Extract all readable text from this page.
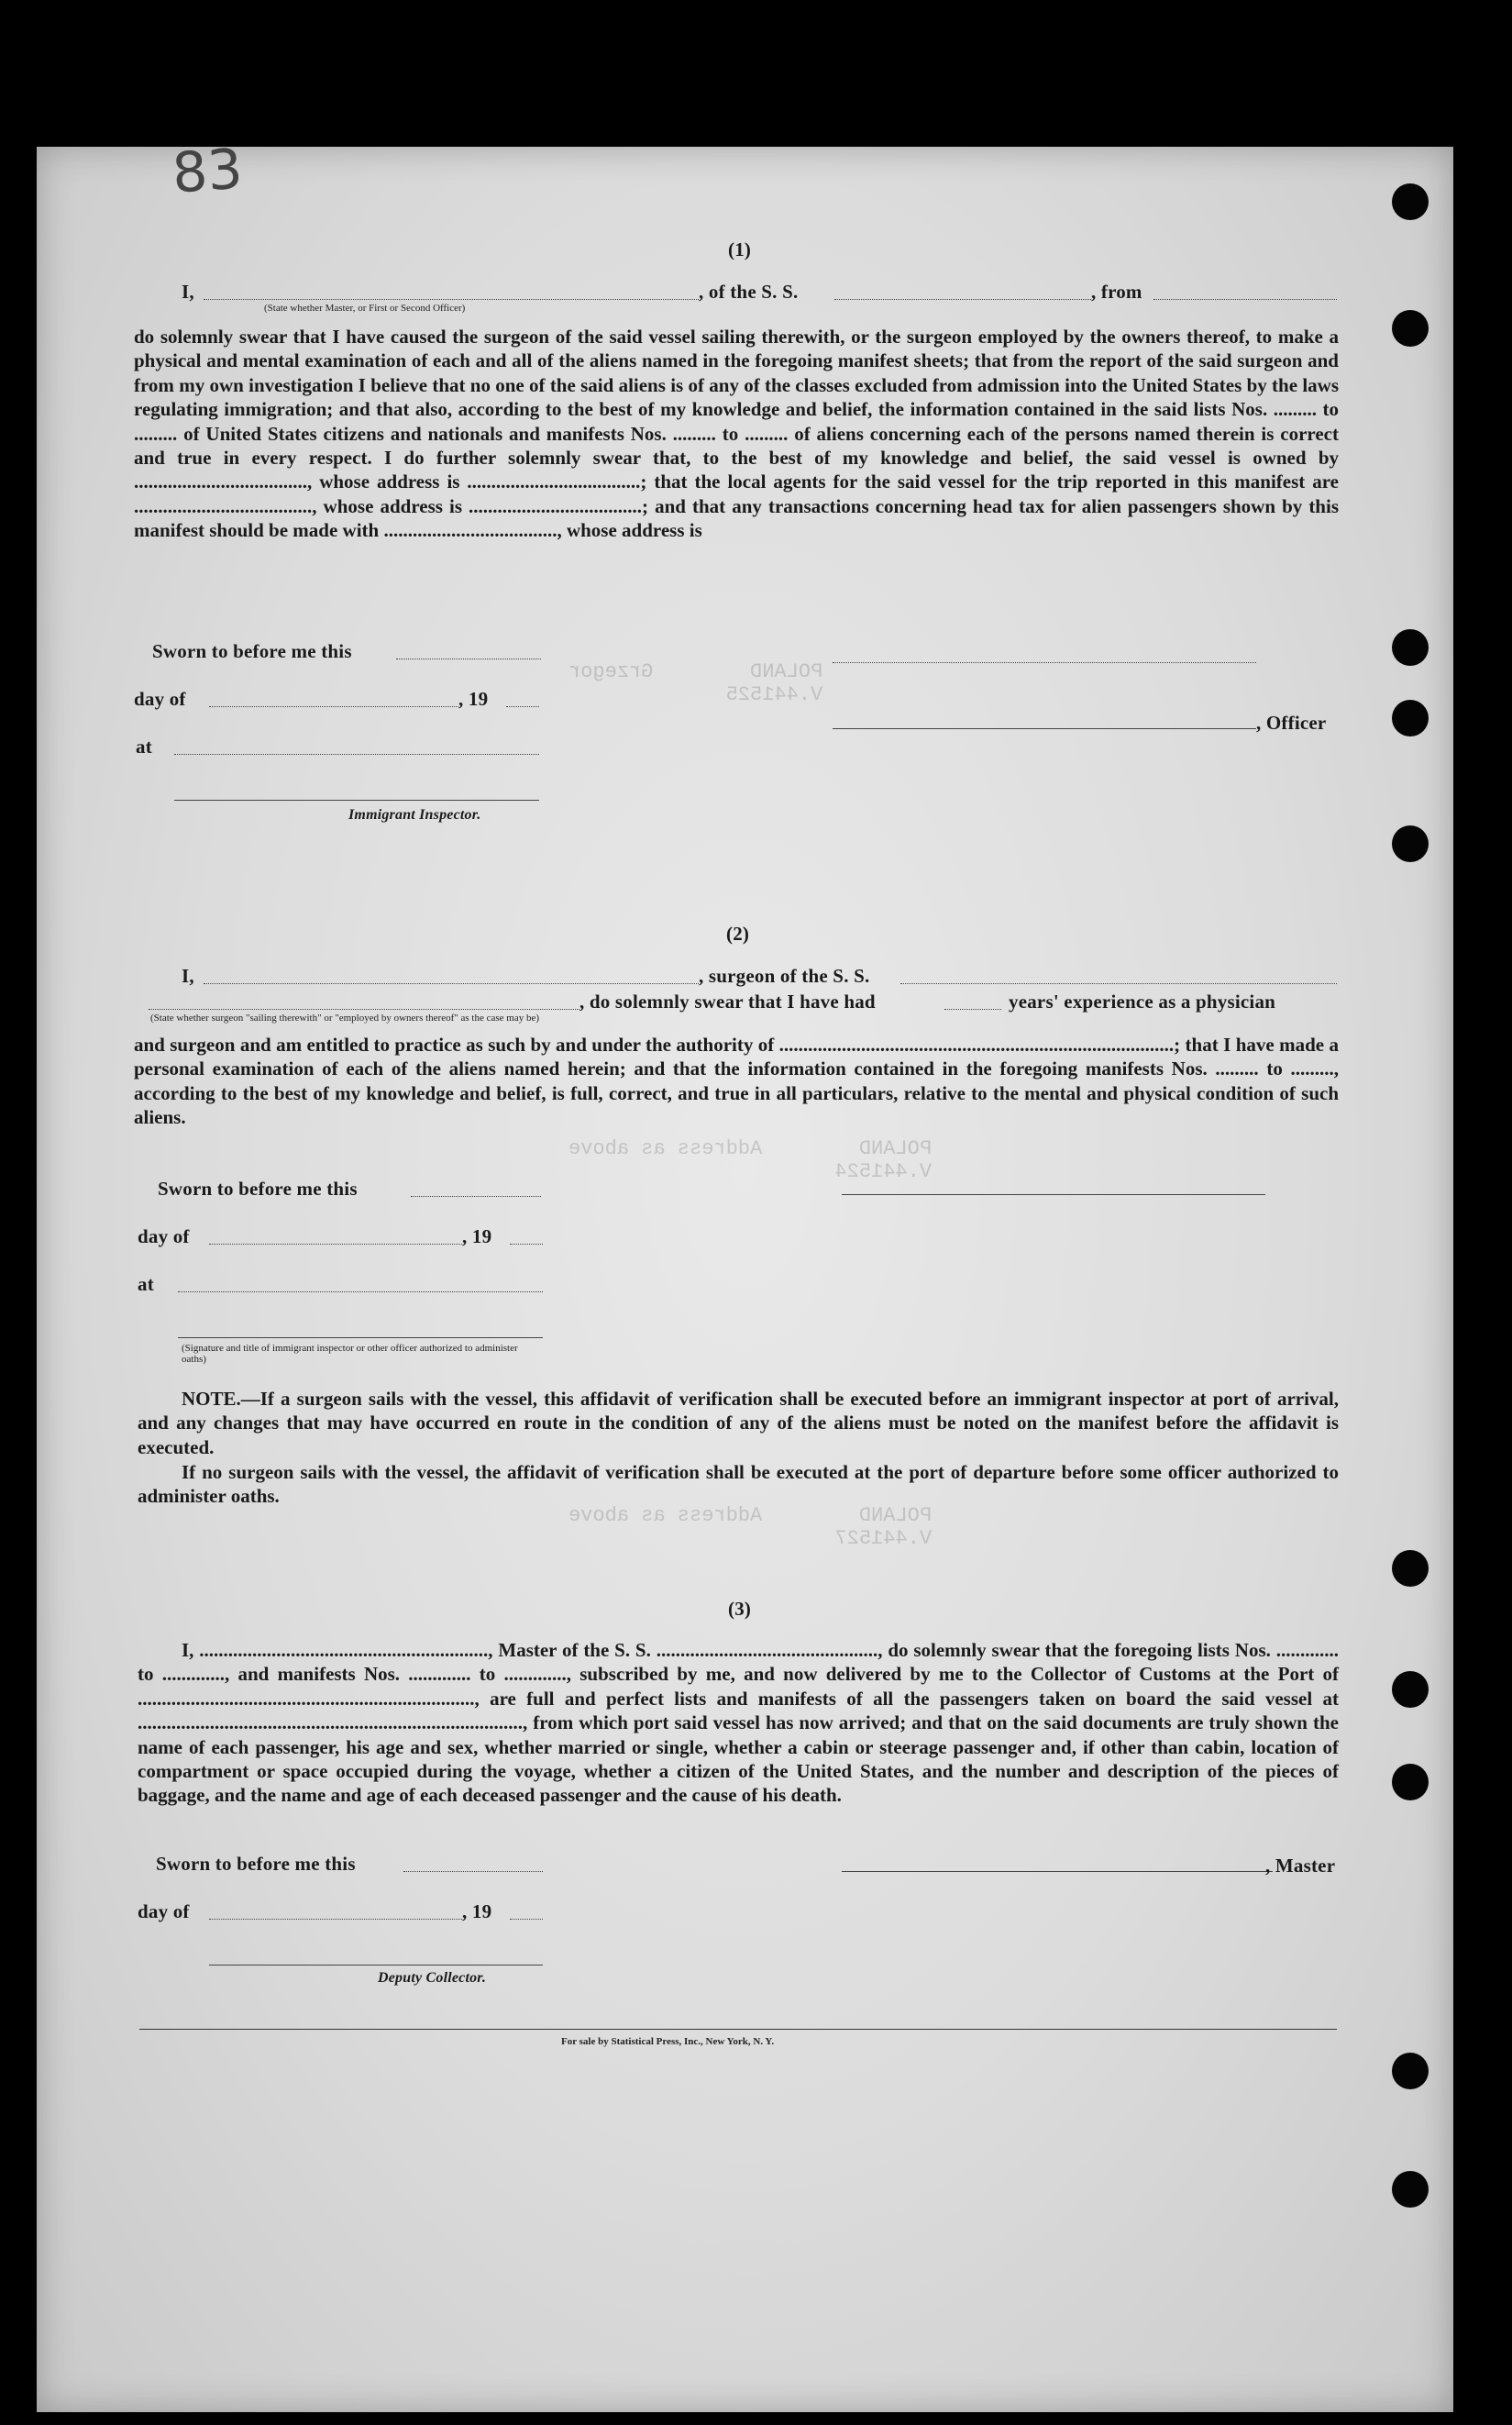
POLAND        Grzegor
V.441525
POLAND        Address as above
V.441524
POLAND        Address as above
V.441527
83
(1)
I,	, of the S. S.	, from
(State whether Master, or First or Second Officer)
do solemnly swear that I have caused the surgeon of the said vessel sailing therewith, or the surgeon employed by the owners thereof, to make a physical and mental examination of each and all of the aliens named in the foregoing manifest sheets; that from the report of the said surgeon and from my own investigation I believe that no one of the said aliens is of any of the classes excluded from admission into the United States by the laws regulating immigration; and that also, according to the best of my knowledge and belief, the information contained in the said lists Nos. ......... to ......... of United States citizens and nationals and manifests Nos. ......... to ......... of aliens concerning each of the persons named therein is correct and true in every respect. I do further solemnly swear that, to the best of my knowledge and belief, the said vessel is owned by ...................................., whose address is ....................................; that the local agents for the said vessel for the trip reported in this manifest are ....................................., whose address is ....................................; and that any transactions concerning head tax for alien passengers shown by this manifest should be made with ...................................., whose address is
Sworn to before me this
day of	, 19
at
Immigrant Inspector.
, Officer
(2)
I,	, surgeon of the S. S.
, do solemnly swear that I have had	years' experience as a physician
(State whether surgeon "sailing therewith" or "employed by owners thereof" as the case may be)
and surgeon and am entitled to practice as such by and under the authority of ..................................................................................; that I have made a personal examination of each of the aliens named herein; and that the information contained in the foregoing manifests Nos. ......... to ........., according to the best of my knowledge and belief, is full, correct, and true in all particulars, relative to the mental and physical condition of such aliens.
Sworn to before me this
day of	, 19
at
(Signature and title of immigrant inspector or other officer authorized to administer oaths)
NOTE.—If a surgeon sails with the vessel, this affidavit of verification shall be executed before an immigrant inspector at port of arrival, and any changes that may have occurred en route in the condition of any of the aliens must be noted on the manifest before the affidavit is executed.
If no surgeon sails with the vessel, the affidavit of verification shall be executed at the port of departure before some officer authorized to administer oaths.
(3)
I, ............................................................, Master of the S. S. .............................................., do solemnly swear that the foregoing lists Nos. ............. to ............., and manifests Nos. ............. to ............., subscribed by me, and now delivered by me to the Collector of Customs at the Port of ......................................................................, are full and perfect lists and manifests of all the passengers taken on board the said vessel at ................................................................................, from which port said vessel has now arrived; and that on the said documents are truly shown the name of each passenger, his age and sex, whether married or single, whether a cabin or steerage passenger and, if other than cabin, location of compartment or space occupied during the voyage, whether a citizen of the United States, and the number and description of the pieces of baggage, and the name and age of each deceased passenger and the cause of his death.
Sworn to before me this
day of	, 19
Deputy Collector.
, Master
For sale by Statistical Press, Inc., New York, N. Y.
